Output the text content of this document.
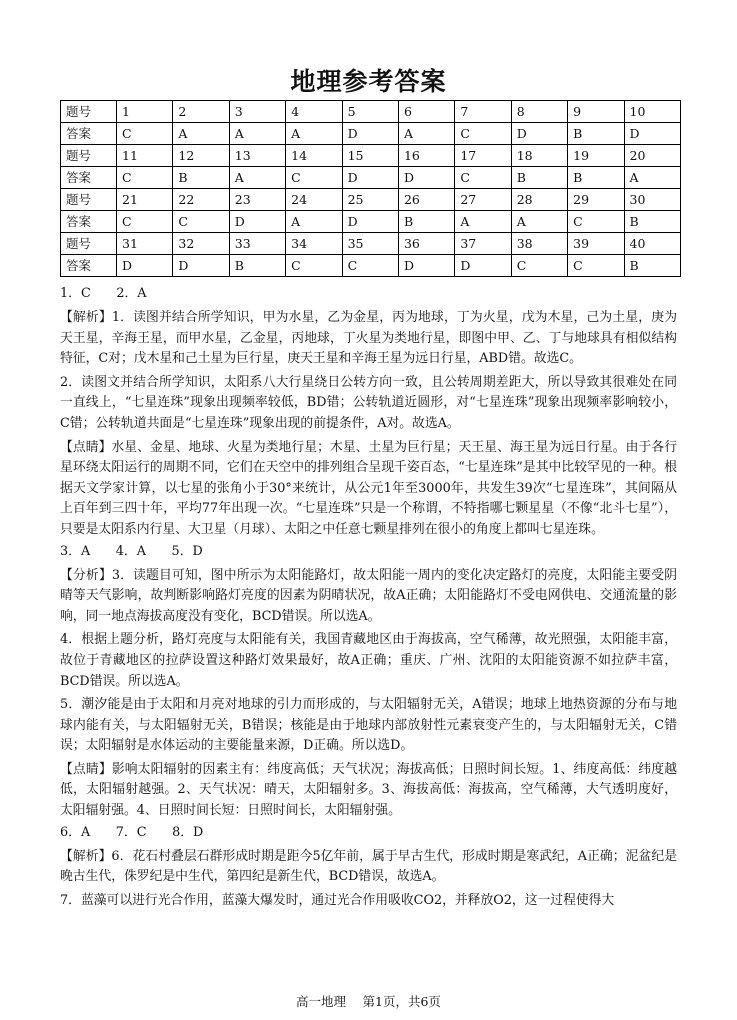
地理参考答案
题号	1	2	3	4	5	6	7	8	9	10
答案	C	A	A	A	D	A	C	D	B	D
题号	11	12	13	14	15	16	17	18	19	20
答案	C	B	A	C	D	D	C	B	B	A
题号	21	22	23	24	25	26	27	28	29	30
答案	C	C	D	A	D	B	A	A	C	B
题号	31	32	33	34	35	36	37	38	39	40
答案	D	D	B	C	C	D	D	C	C	B

1．C　　2．A

【解析】1．读图并结合所学知识，甲为水星，乙为金星，丙为地球，丁为火星，戊为木星，己为土星，庚为天王星，辛海王星，而甲水星，乙金星，丙地球，丁火星为类地行星，即图中甲、乙、丁与地球具有相似结构特征，C对；戊木星和己土星为巨行星，庚天王星和辛海王星为远日行星，ABD错。故选C。

2．读图文并结合所学知识，太阳系八大行星绕日公转方向一致，且公转周期差距大，所以导致其很难处在同一直线上，“七星连珠”现象出现频率较低，BD错；公转轨道近圆形，对“七星连珠”现象出现频率影响较小，C错；公转轨道共面是“七星连珠”现象出现的前提条件，A对。故选A。

【点睛】水星、金星、地球、火星为类地行星；木星、土星为巨行星；天王星、海王星为远日行星。由于各行星环绕太阳运行的周期不同，它们在天空中的排列组合呈现千姿百态，“七星连珠”是其中比较罕见的一种。根据天文学家计算，以七星的张角小于30°来统计，从公元1年至3000年，共发生39次“七星连珠”，其间隔从上百年到三四十年，平均77年出现一次。“七星连珠”只是一个称谓，不特指哪七颗星星（不像“北斗七星”），只要是太阳系内行星、大卫星（月球）、太阳之中任意七颗星排列在很小的角度上都叫七星连珠。

3．A　　4．A　　5．D

【分析】3．读题目可知，图中所示为太阳能路灯，故太阳能一周内的变化决定路灯的亮度，太阳能主要受阴晴等天气影响，故判断影响路灯亮度的因素为阴晴状况，故A正确；太阳能路灯不受电网供电、交通流量的影响，同一地点海拔高度没有变化，BCD错误。所以选A。

4．根据上题分析，路灯亮度与太阳能有关，我国青藏地区由于海拔高，空气稀薄，故光照强，太阳能丰富，故位于青藏地区的拉萨设置这种路灯效果最好，故A正确；重庆、广州、沈阳的太阳能资源不如拉萨丰富，BCD错误。所以选A。

5．潮汐能是由于太阳和月亮对地球的引力而形成的，与太阳辐射无关，A错误；地球上地热资源的分布与地球内能有关，与太阳辐射无关，B错误；核能是由于地球内部放射性元素衰变产生的，与太阳辐射无关，C错误；太阳辐射是水体运动的主要能量来源，D正确。所以选D。

【点睛】影响太阳辐射的因素主有：纬度高低；天气状况；海拔高低；日照时间长短。1、纬度高低：纬度越低，太阳辐射越强。2、天气状况：晴天，太阳辐射多。3、海拔高低：海拔高，空气稀薄，大气透明度好，太阳辐射强。4、日照时间长短：日照时间长，太阳辐射强。

6．A　　7．C　　8．D

【解析】6．花石村叠层石群形成时期是距今5亿年前，属于早古生代，形成时期是寒武纪，A正确；泥盆纪是晚古生代，侏罗纪是中生代，第四纪是新生代，BCD错误，故选A。

7．蓝藻可以进行光合作用，蓝藻大爆发时，通过光合作用吸收CO2，并释放O2，这一过程使得大

高一地理　 第1页，共6页
